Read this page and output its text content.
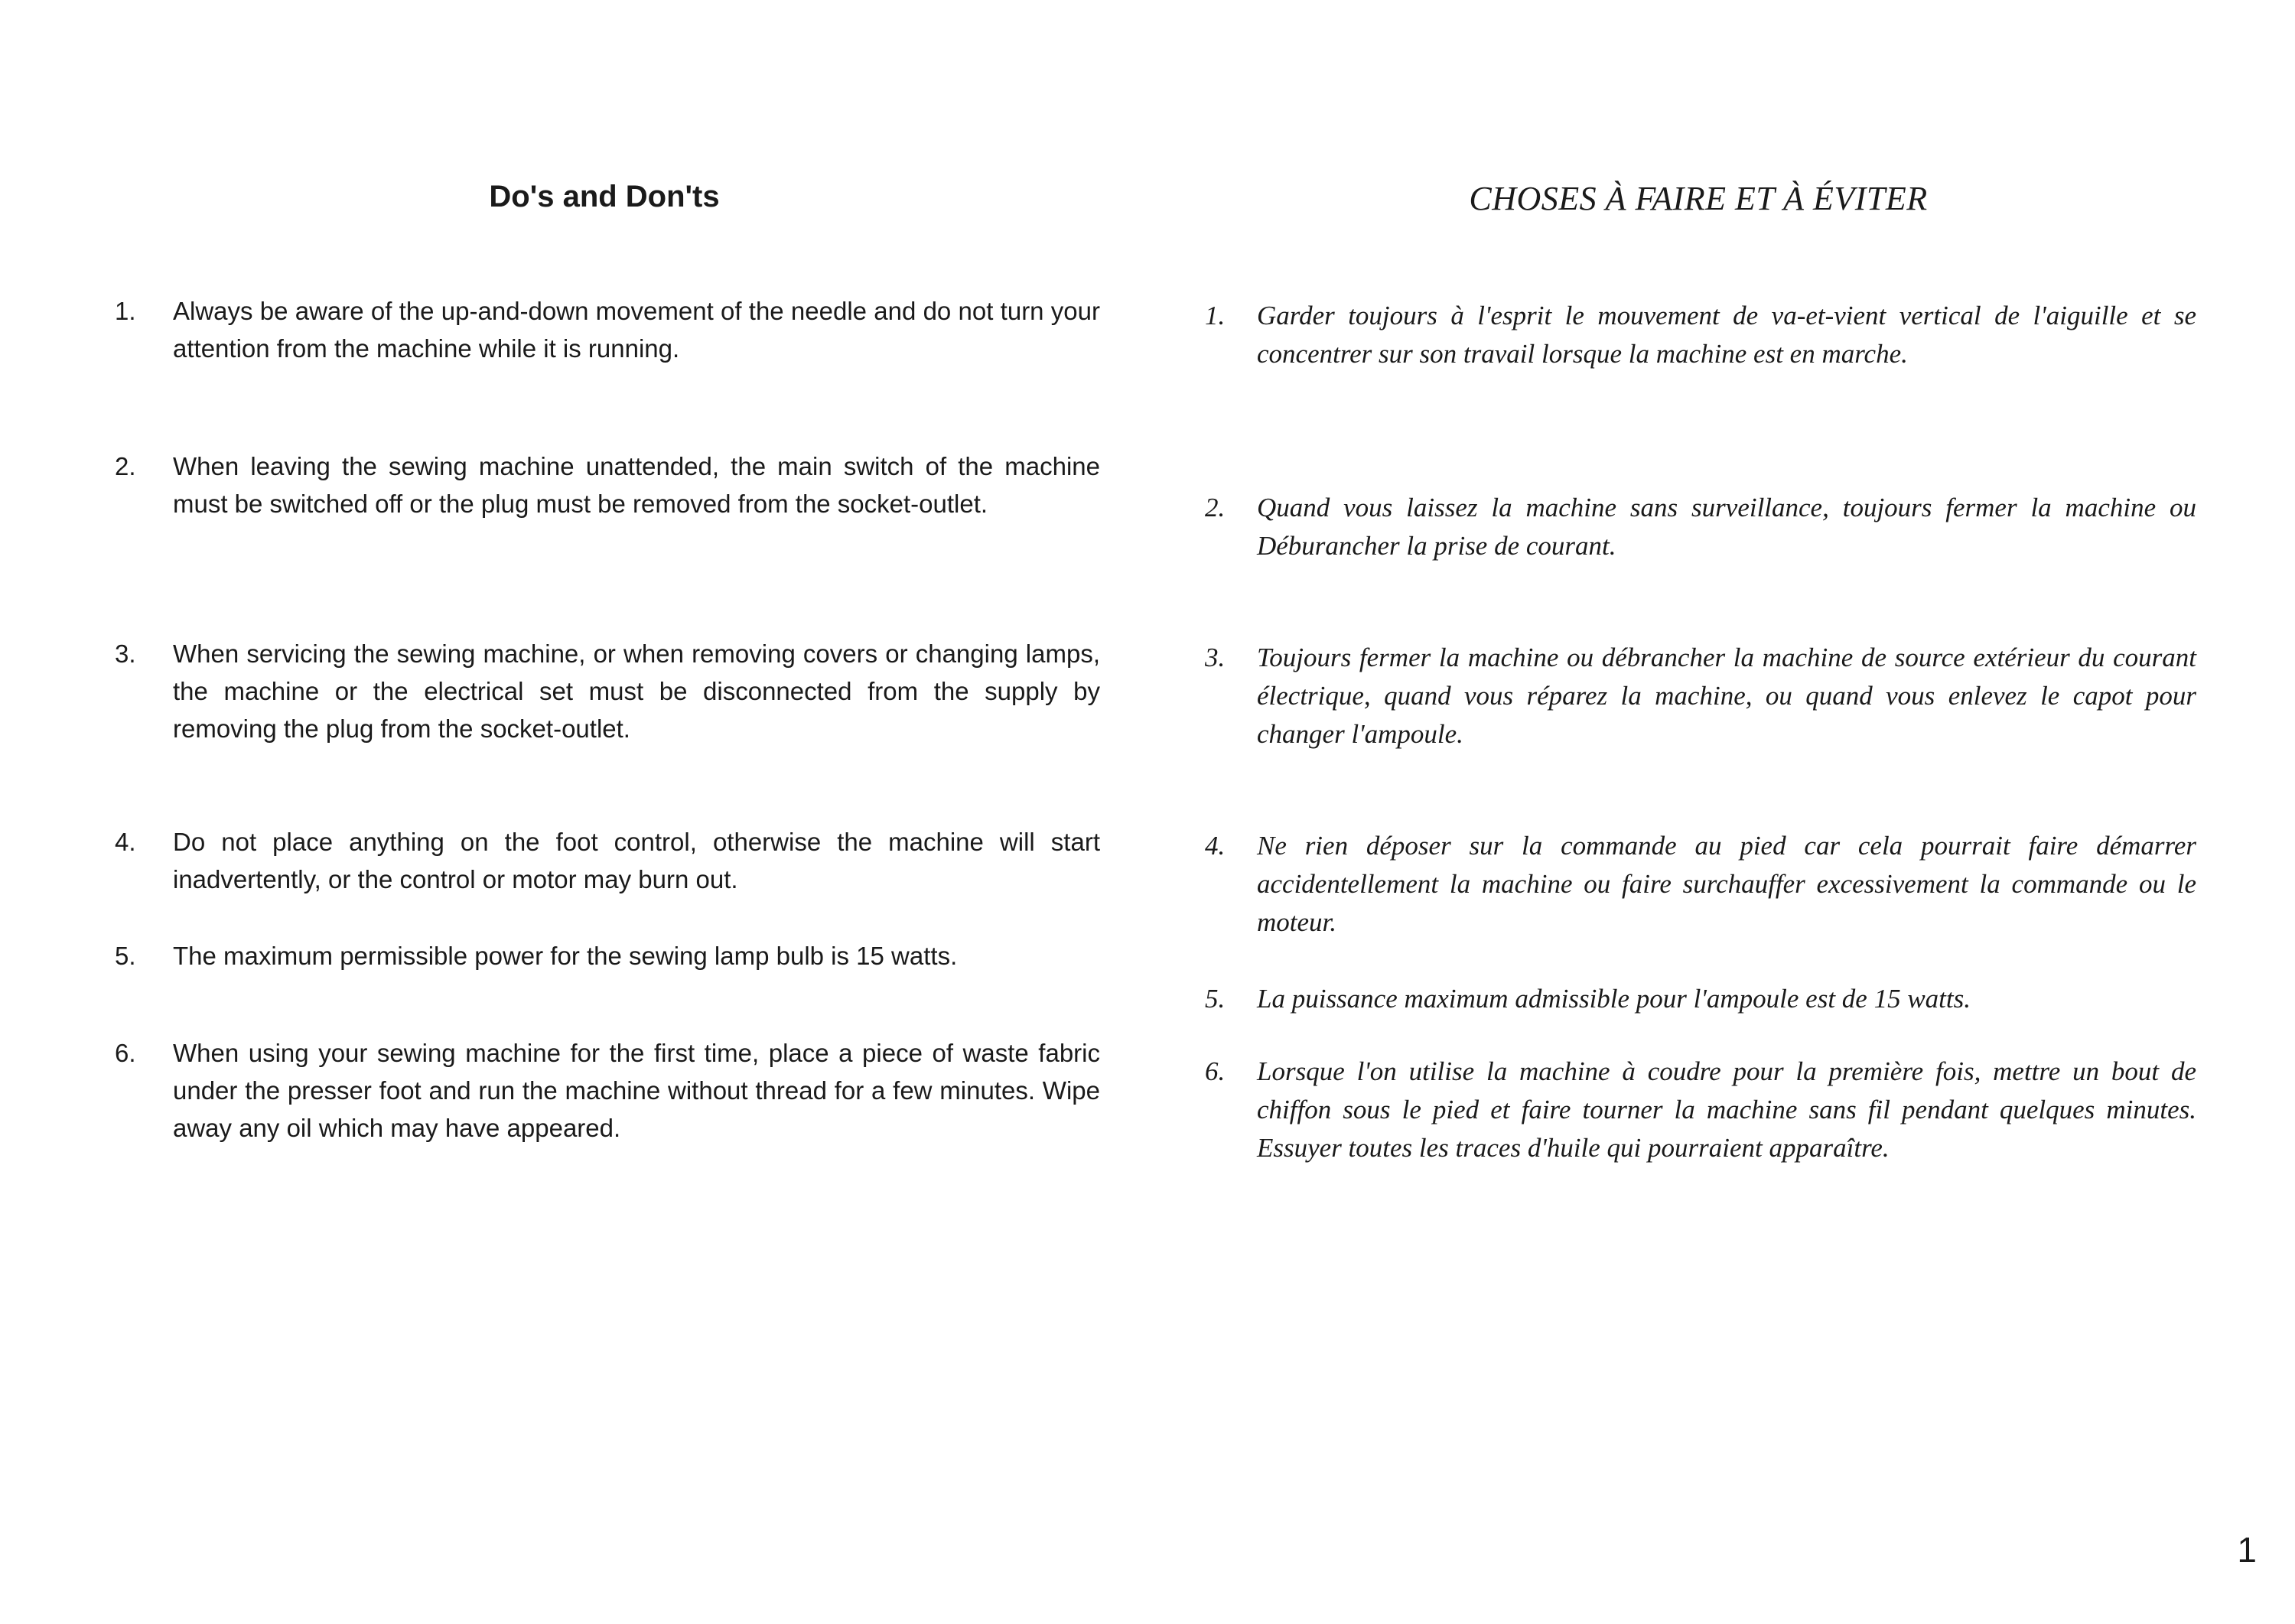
Do's and Don'ts
1.	Always be aware of the up-and-down movement of the needle and do not turn your attention from the machine while it is running.
2.	When leaving the sewing machine unattended, the main switch of the machine must be switched off or the plug must be removed from the socket-outlet.
3.	When servicing the sewing machine, or when removing covers or changing lamps, the machine or the electrical set must be disconnected from the supply by removing the plug from the socket-outlet.
4.	Do not place anything on the foot control, otherwise the machine will start inadvertently, or the control or motor may burn out.
5.	The maximum permissible power for the sewing lamp bulb is 15 watts.
6.	When using your sewing machine for the first time, place a piece of waste fabric under the presser foot and run the machine without thread for a few minutes. Wipe away any oil which may have appeared.
CHOSES À FAIRE ET À ÉVITER
1.	Garder toujours à l'esprit le mouvement de va-et-vient vertical de l'aiguille et se concentrer sur son travail lorsque la machine est en marche.
2.	Quand vous laissez la machine sans surveillance, toujours fermer la machine ou Déburancher la prise de courant.
3.	Toujours fermer la machine ou débrancher la machine de source extérieur du courant électrique, quand vous réparez la machine, ou quand vous enlevez le capot pour changer l'ampoule.
4.	Ne rien déposer sur la commande au pied car cela pourrait faire démarrer accidentellement la machine ou faire surchauffer excessivement la commande ou le moteur.
5.	La puissance maximum admissible pour l'ampoule est de 15 watts.
6.	Lorsque l'on utilise la machine à coudre pour la première fois, mettre un bout de chiffon sous le pied et faire tourner la machine sans fil pendant quelques minutes. Essuyer toutes les traces d'huile qui pourraient apparaître.
1
